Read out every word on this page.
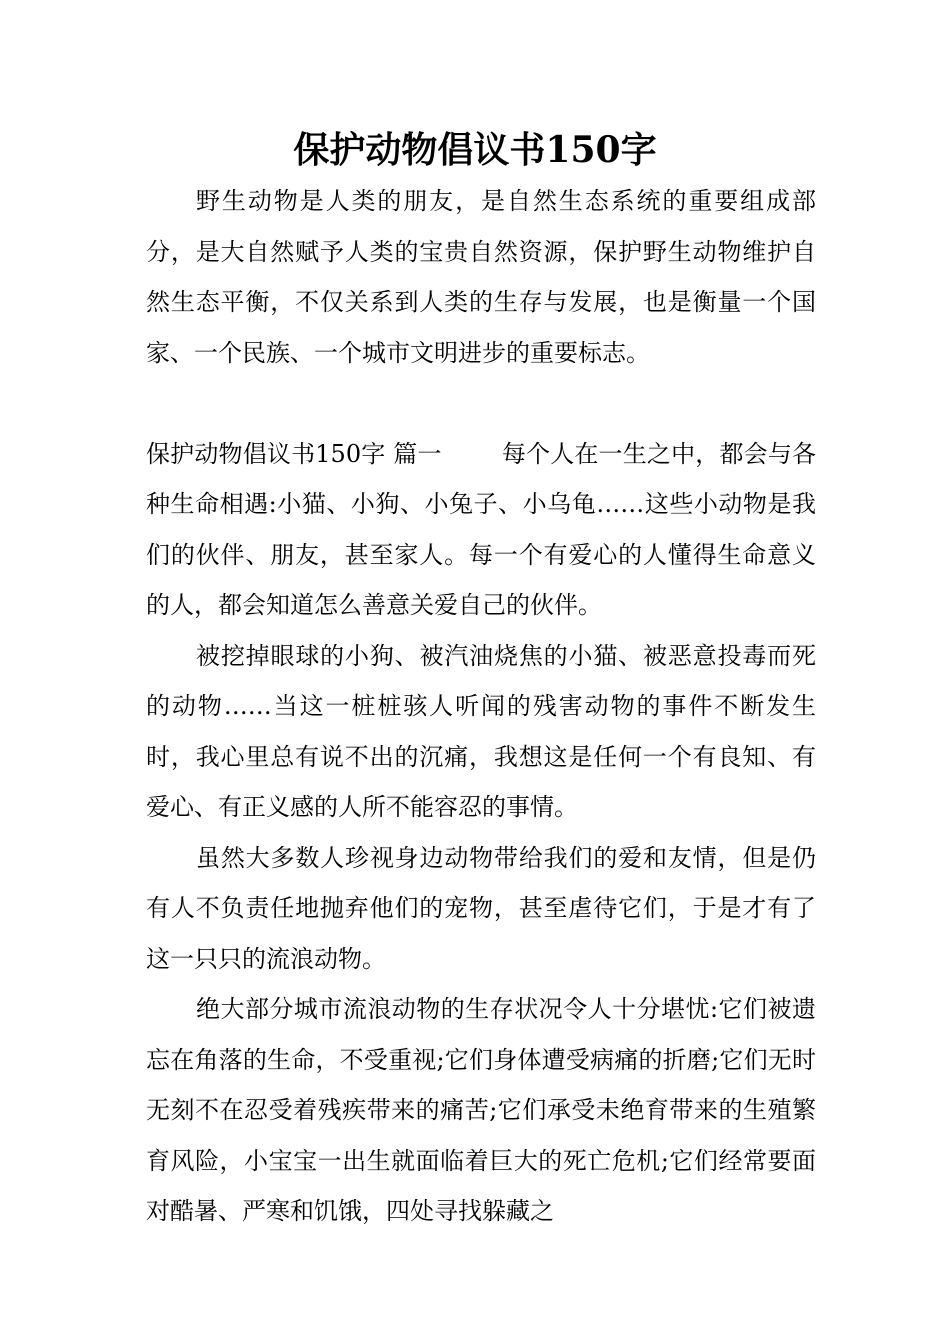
保护动物倡议书150字

野生动物是人类的朋友，是自然生态系统的重要组成部分，是大自然赋予人类的宝贵自然资源，保护野生动物维护自然生态平衡，不仅关系到人类的生存与发展，也是衡量一个国家、一个民族、一个城市文明进步的重要标志。

保护动物倡议书150字 篇一	每个人在一生之中，都会与各种生命相遇:小猫、小狗、小兔子、小乌龟……这些小动物是我们的伙伴、朋友，甚至家人。每一个有爱心的人懂得生命意义的人，都会知道怎么善意关爱自己的伙伴。

被挖掉眼球的小狗、被汽油烧焦的小猫、被恶意投毒而死的动物……当这一桩桩骇人听闻的残害动物的事件不断发生时，我心里总有说不出的沉痛，我想这是任何一个有良知、有爱心、有正义感的人所不能容忍的事情。

虽然大多数人珍视身边动物带给我们的爱和友情，但是仍有人不负责任地抛弃他们的宠物，甚至虐待它们，于是才有了这一只只的流浪动物。

绝大部分城市流浪动物的生存状况令人十分堪忧:它们被遗忘在角落的生命，不受重视;它们身体遭受病痛的折磨;它们无时无刻不在忍受着残疾带来的痛苦;它们承受未绝育带来的生殖繁育风险，小宝宝一出生就面临着巨大的死亡危机;它们经常要面对酷暑、严寒和饥饿，四处寻找躲藏之
